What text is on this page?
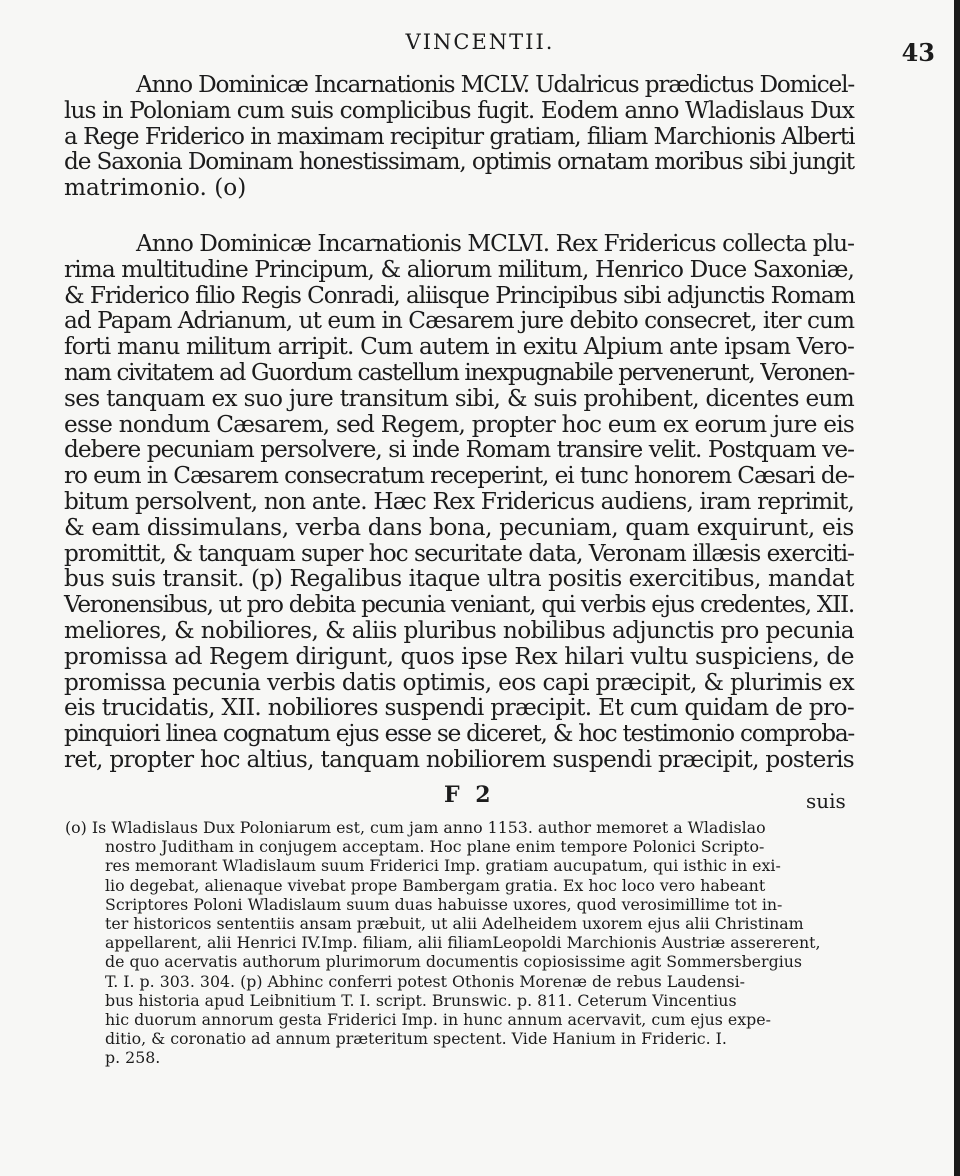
VINCENTII.	43
Anno Dominicæ Incarnationis MCLV. Udalricus prædictus Domicel-
lus in Poloniam cum suis complicibus fugit. Eodem anno Wladislaus Dux
a Rege Friderico in maximam recipitur gratiam, filiam Marchionis Alberti
de Saxonia Dominam honestissimam, optimis ornatam moribus sibi jungit
matrimonio. (o)
Anno Dominicæ Incarnationis MCLVI. Rex Fridericus collecta plu-
rima multitudine Principum, & aliorum militum, Henrico Duce Saxoniæ,
& Friderico filio Regis Conradi, aliisque Principibus sibi adjunctis Romam
ad Papam Adrianum, ut eum in Cæsarem jure debito consecret, iter cum
forti manu militum arripit. Cum autem in exitu Alpium ante ipsam Vero-
nam civitatem ad Guordum castellum inexpugnabile pervenerunt, Veronen-
ses tanquam ex suo jure transitum sibi, & suis prohibent, dicentes eum
esse nondum Cæsarem, sed Regem, propter hoc eum ex eorum jure eis
debere pecuniam persolvere, si inde Romam transire velit. Postquam ve-
ro eum in Cæsarem consecratum receperint, ei tunc honorem Cæsari de-
bitum persolvent, non ante. Hæc Rex Fridericus audiens, iram reprimit,
& eam dissimulans, verba dans bona, pecuniam, quam exquirunt, eis
promittit, & tanquam super hoc securitate data, Veronam illæsis exerciti-
bus suis transit. (p) Regalibus itaque ultra positis exercitibus, mandat
Veronensibus, ut pro debita pecunia veniant, qui verbis ejus credentes, XII.
meliores, & nobiliores, & aliis pluribus nobilibus adjunctis pro pecunia
promissa ad Regem dirigunt, quos ipse Rex hilari vultu suspiciens, de
promissa pecunia verbis datis optimis, eos capi præcipit, & plurimis ex
eis trucidatis, XII. nobiliores suspendi præcipit. Et cum quidam de pro-
pinquiori linea cognatum ejus esse se diceret, & hoc testimonio comproba-
ret, propter hoc altius, tanquam nobiliorem suspendi præcipit, posteris
F 2	suis
(o) Is Wladislaus Dux Poloniarum est, cum jam anno 1153. author memoret a Wladislao
nostro Juditham in conjugem acceptam. Hoc plane enim tempore Polonici Scripto-
res memorant Wladislaum suum Friderici Imp. gratiam aucupatum, qui isthic in exi-
lio degebat, alienaque vivebat prope Bambergam gratia. Ex hoc loco vero habeant
Scriptores Poloni Wladislaum suum duas habuisse uxores, quod verosimillime tot in-
ter historicos sententiis ansam præbuit, ut alii Adelheidem uxorem ejus alii Christinam
appellarent, alii Henrici IV.Imp. filiam, alii filiamLeopoldi Marchionis Austriæ assererent,
de quo acervatis authorum plurimorum documentis copiosissime agit Sommersbergius
T. I. p. 303. 304. (p) Abhinc conferri potest Othonis Morenæ de rebus Laudensi-
bus historia apud Leibnitium T. I. script. Brunswic. p. 811. Ceterum Vincentius
hic duorum annorum gesta Friderici Imp. in hunc annum acervavit, cum ejus expe-
ditio, & coronatio ad annum præteritum spectent. Vide Hanium in Frideric. I.
p. 258.
